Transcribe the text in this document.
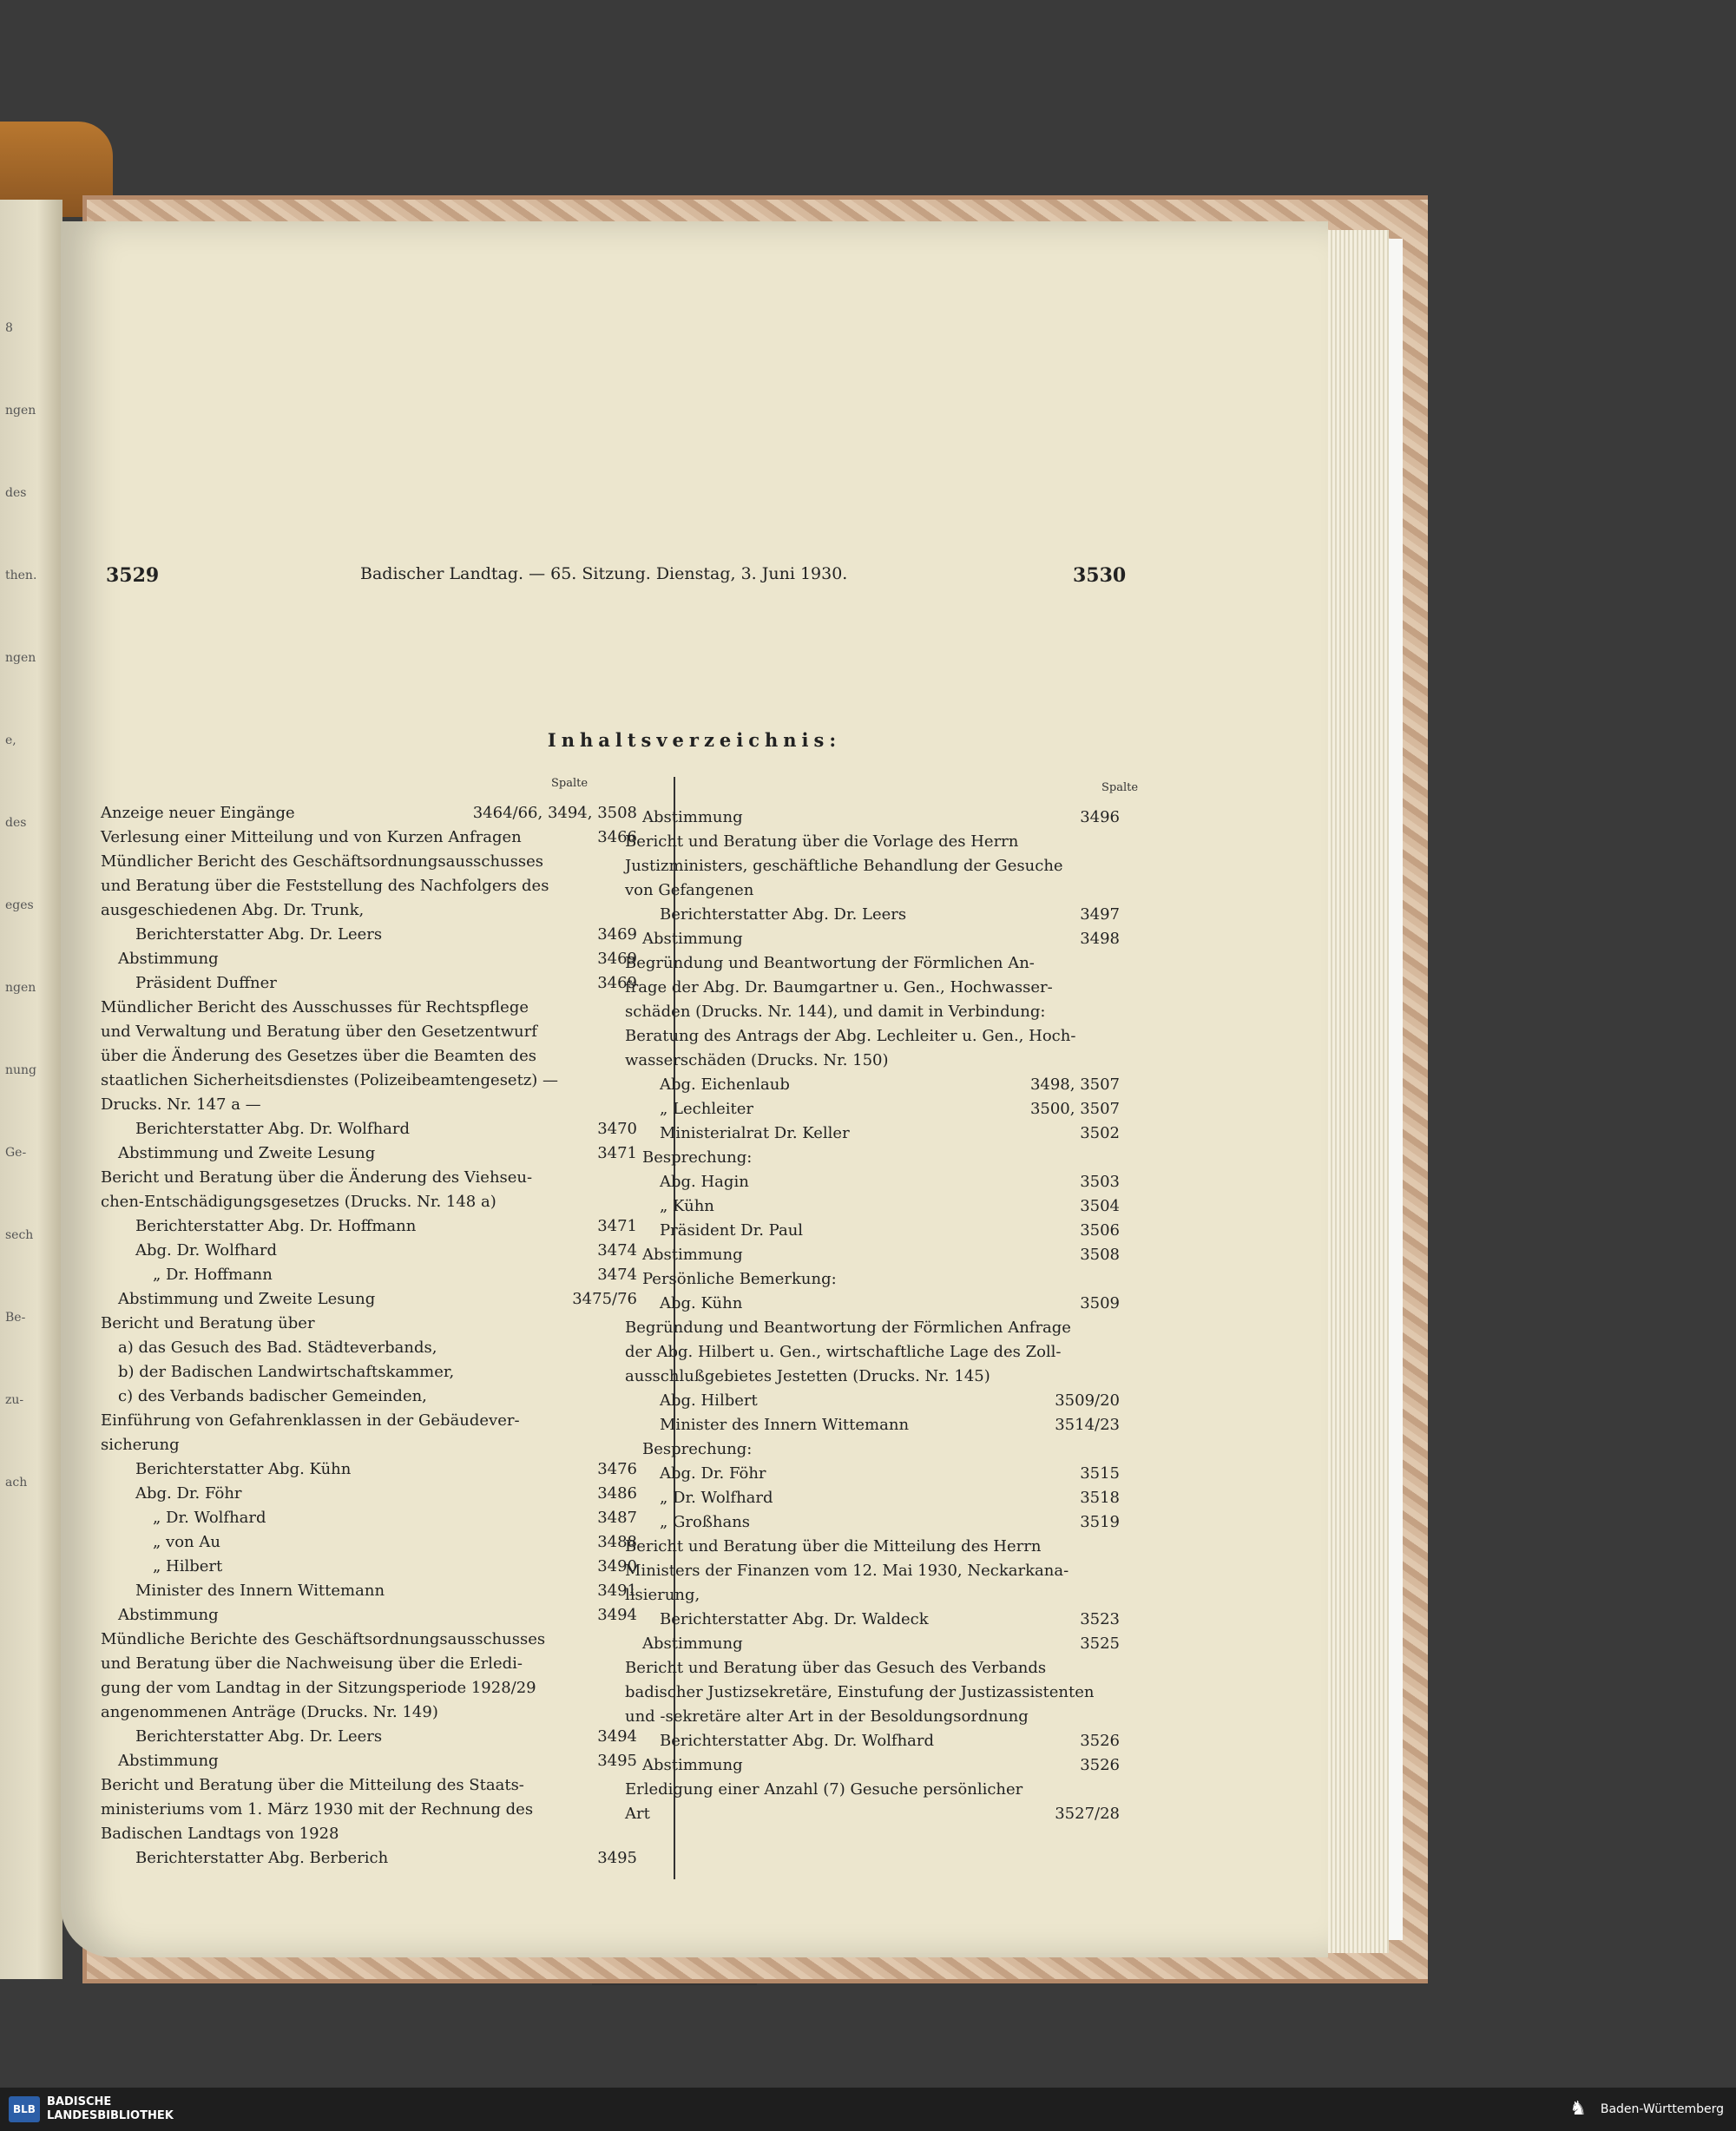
8
ngen
des
then.
ngen
e,
des
eges
ngen
nung
Ge-
sech
Be-
zu-
ach
3529	Badischer Landtag. — 65. Sitzung. Dienstag, 3. Juni 1930.	3530
Inhaltsverzeichnis:
Spalte	Spalte
Anzeige neuer Eingänge	3464/66, 3494, 3508
Verlesung einer Mitteilung und von Kurzen Anfragen	3466
Mündlicher Bericht des Geschäftsordnungsausschusses
und Beratung über die Feststellung des Nachfolgers des
ausgeschiedenen Abg. Dr. Trunk,
Berichterstatter Abg. Dr. Leers	3469
Abstimmung	3469
Präsident Duffner	3469
Mündlicher Bericht des Ausschusses für Rechtspflege
und Verwaltung und Beratung über den Gesetzentwurf
über die Änderung des Gesetzes über die Beamten des
staatlichen Sicherheitsdienstes (Polizeibeamtengesetz) —
Drucks. Nr. 147 a —
Berichterstatter Abg. Dr. Wolfhard	3470
Abstimmung und Zweite Lesung	3471
Bericht und Beratung über die Änderung des Viehseu-
chen-Entschädigungsgesetzes (Drucks. Nr. 148 a)
Berichterstatter Abg. Dr. Hoffmann	3471
Abg. Dr. Wolfhard	3474
„ Dr. Hoffmann	3474
Abstimmung und Zweite Lesung	3475/76
Bericht und Beratung über
a) das Gesuch des Bad. Städteverbands,
b) der Badischen Landwirtschaftskammer,
c) des Verbands badischer Gemeinden,
Einführung von Gefahrenklassen in der Gebäudever-
sicherung
Berichterstatter Abg. Kühn	3476
Abg. Dr. Föhr	3486
„ Dr. Wolfhard	3487
„ von Au	3488
„ Hilbert	3490
Minister des Innern Wittemann	3491
Abstimmung	3494
Mündliche Berichte des Geschäftsordnungsausschusses
und Beratung über die Nachweisung über die Erledi-
gung der vom Landtag in der Sitzungsperiode 1928/29
angenommenen Anträge (Drucks. Nr. 149)
Berichterstatter Abg. Dr. Leers	3494
Abstimmung	3495
Bericht und Beratung über die Mitteilung des Staats-
ministeriums vom 1. März 1930 mit der Rechnung des
Badischen Landtags von 1928
Berichterstatter Abg. Berberich	3495
Abstimmung	3496
Bericht und Beratung über die Vorlage des Herrn
Justizministers, geschäftliche Behandlung der Gesuche
von Gefangenen
Berichterstatter Abg. Dr. Leers	3497
Abstimmung	3498
Begründung und Beantwortung der Förmlichen An-
frage der Abg. Dr. Baumgartner u. Gen., Hochwasser-
schäden (Drucks. Nr. 144), und damit in Verbindung:
Beratung des Antrags der Abg. Lechleiter u. Gen., Hoch-
wasserschäden (Drucks. Nr. 150)
Abg. Eichenlaub	3498, 3507
„ Lechleiter	3500, 3507
Ministerialrat Dr. Keller	3502
Besprechung:
Abg. Hagin	3503
„ Kühn	3504
Präsident Dr. Paul	3506
Abstimmung	3508
Persönliche Bemerkung:
Abg. Kühn	3509
Begründung und Beantwortung der Förmlichen Anfrage
der Abg. Hilbert u. Gen., wirtschaftliche Lage des Zoll-
ausschlußgebietes Jestetten (Drucks. Nr. 145)
Abg. Hilbert	3509/20
Minister des Innern Wittemann	3514/23
Besprechung:
Abg. Dr. Föhr	3515
„ Dr. Wolfhard	3518
„ Großhans	3519
Bericht und Beratung über die Mitteilung des Herrn
Ministers der Finanzen vom 12. Mai 1930, Neckarkana-
lisierung,
Berichterstatter Abg. Dr. Waldeck	3523
Abstimmung	3525
Bericht und Beratung über das Gesuch des Verbands
badischer Justizsekretäre, Einstufung der Justizassistenten
und -sekretäre alter Art in der Besoldungsordnung
Berichterstatter Abg. Dr. Wolfhard	3526
Abstimmung	3526
Erledigung einer Anzahl (7) Gesuche persönlicher
Art	3527/28
BLB
BADISCHE
LANDESBIBLIOTHEK	♞ Baden-Württemberg
